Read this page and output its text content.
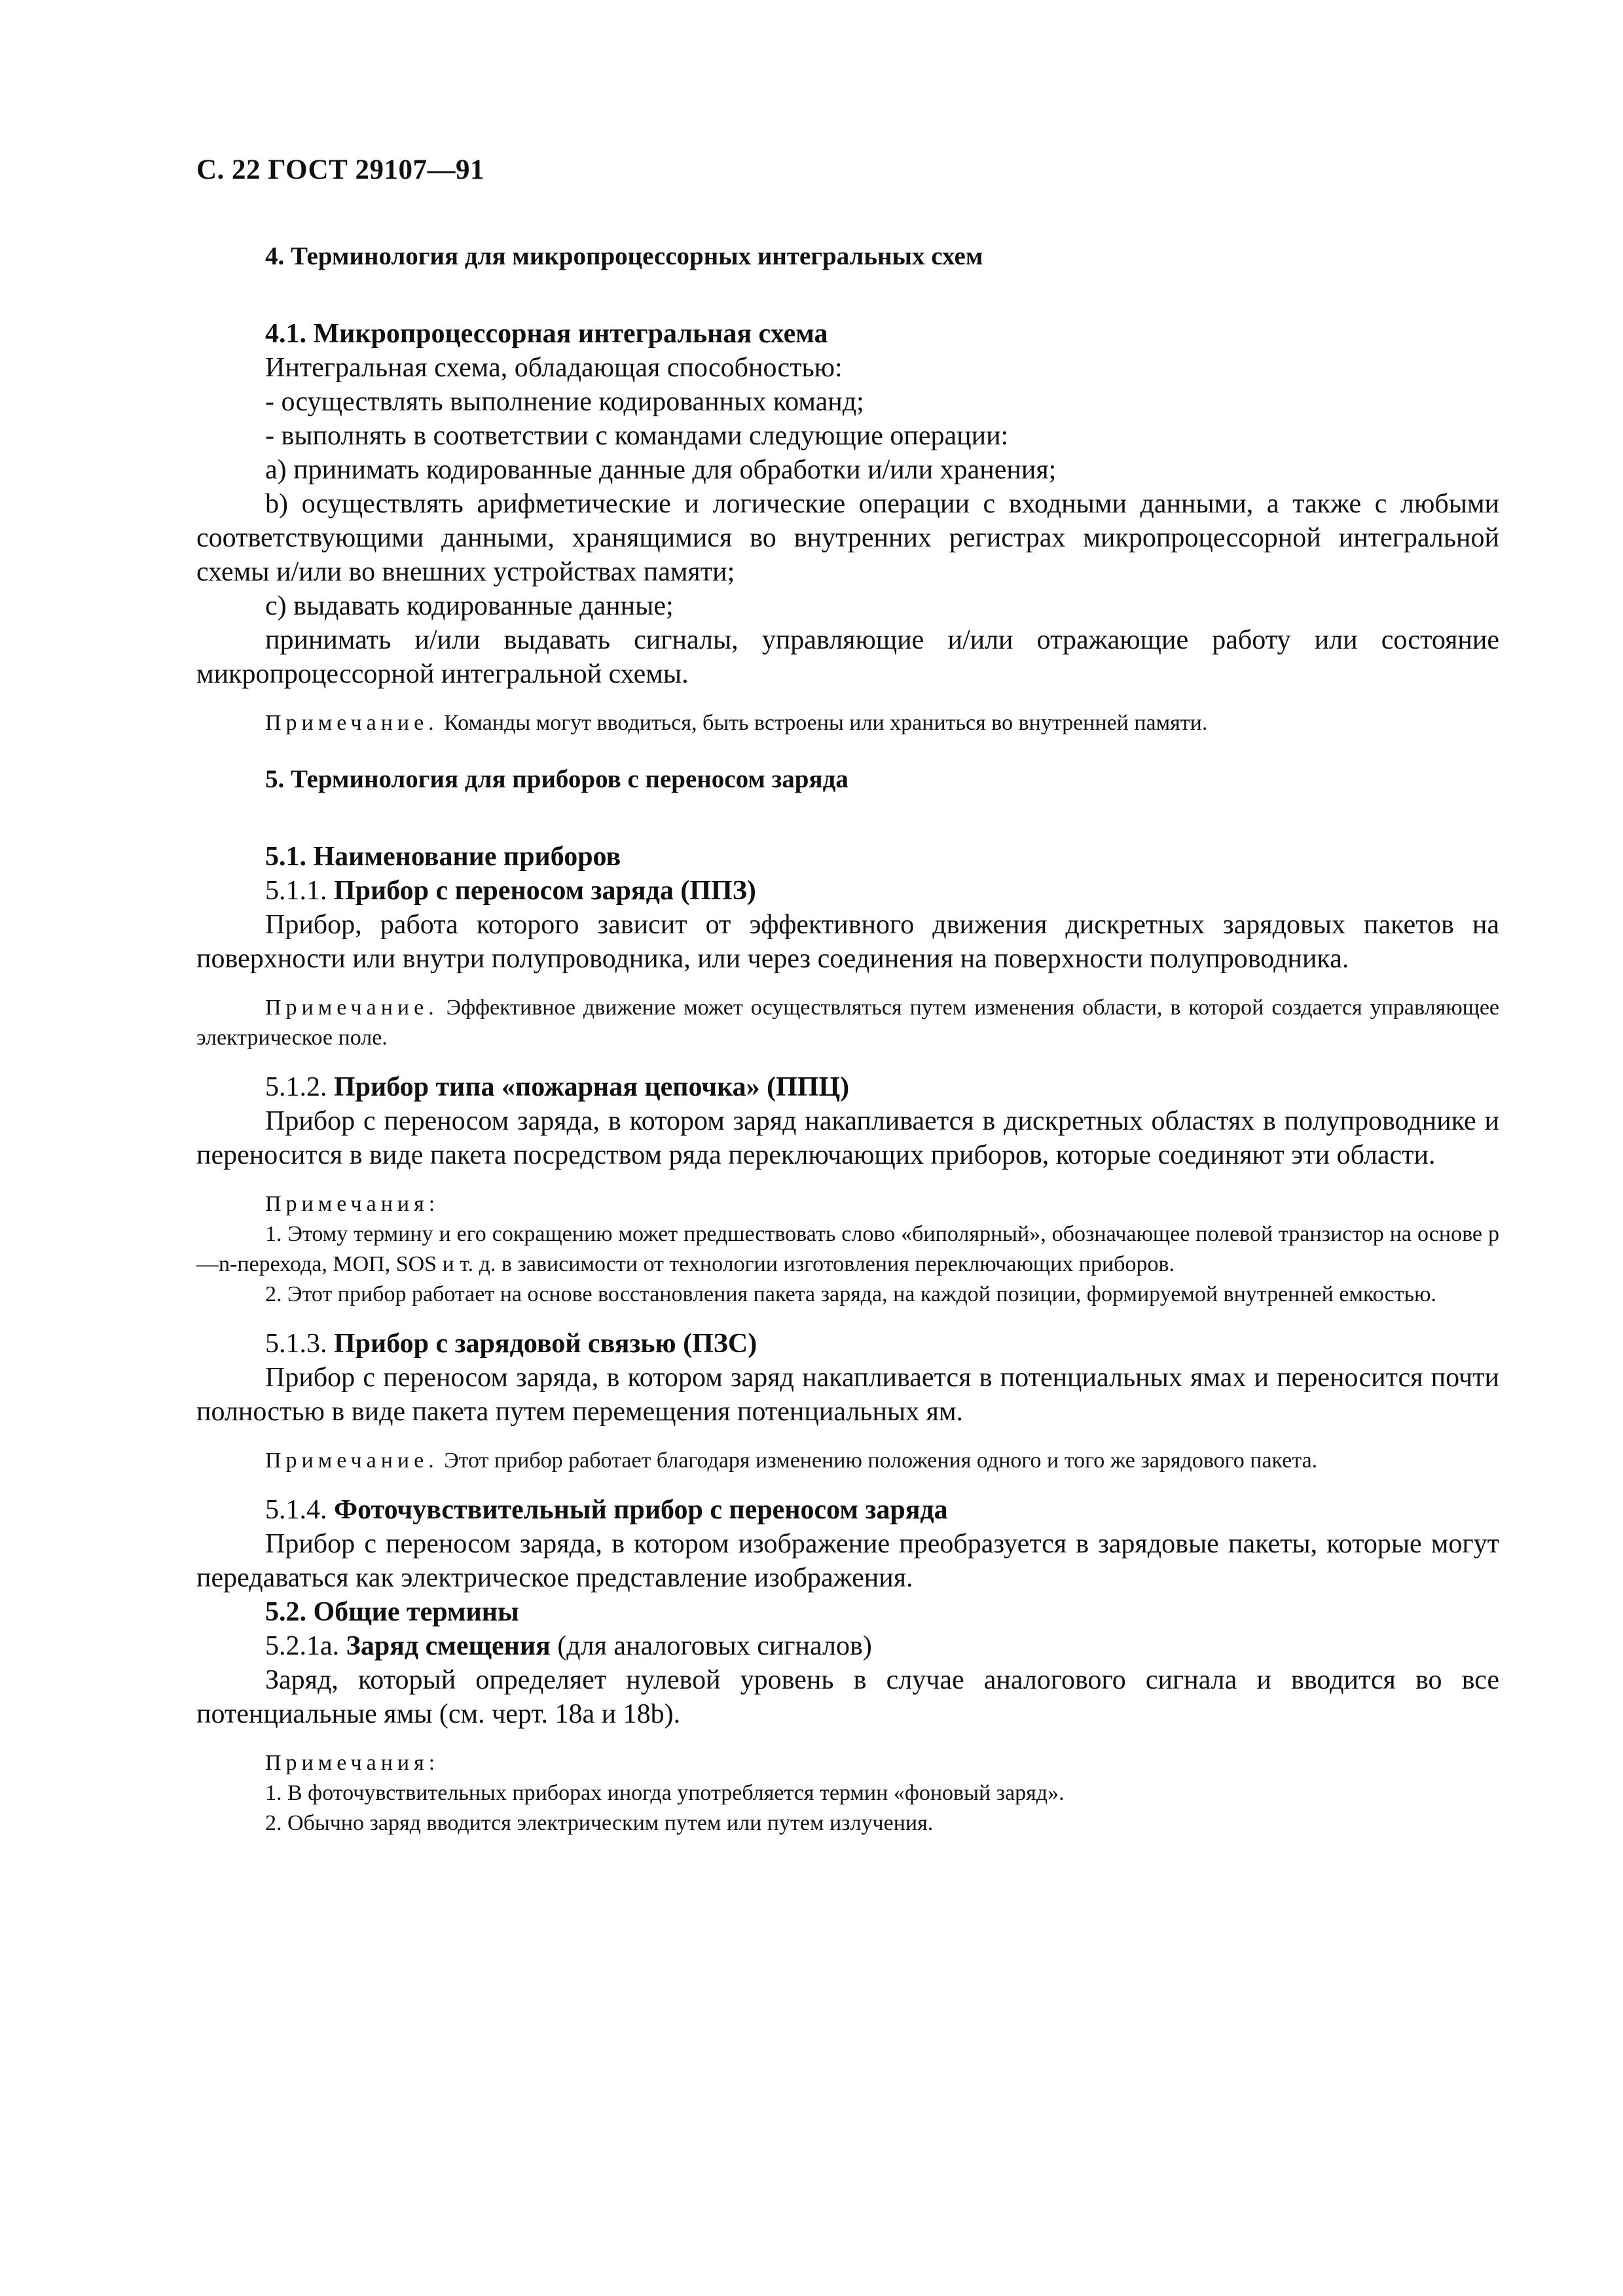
С. 22 ГОСТ 29107—91
4. Терминология для микропроцессорных интегральных схем
4.1. Микропроцессорная интегральная схема

Интегральная схема, обладающая способностью:

- осуществлять выполнение кодированных команд;

- выполнять в соответствии с командами следующие операции:

а) принимать кодированные данные для обработки и/или хранения;

b) осуществлять арифметические и логические операции с входными данными, а также с любыми соответствующими данными, хранящимися во внутренних регистрах микропроцессорной интегральной схемы и/или во внешних устройствах памяти;

с) выдавать кодированные данные;

принимать и/или выдавать сигналы, управляющие и/или отражающие работу или состояние микропроцессорной интегральной схемы.

Примечание. Команды могут вводиться, быть встроены или храниться во внутренней памяти.

5. Терминология для приборов с переносом заряда
5.1. Наименование приборов

5.1.1. Прибор с переносом заряда (ППЗ)

Прибор, работа которого зависит от эффективного движения дискретных зарядовых пакетов на поверхности или внутри полупроводника, или через соединения на поверхности полупроводника.

Примечание. Эффективное движение может осуществляться путем изменения области, в которой создается управляющее электрическое поле.

5.1.2. Прибор типа «пожарная цепочка» (ППЦ)

Прибор с переносом заряда, в котором заряд накапливается в дискретных областях в полупроводнике и переносится в виде пакета посредством ряда переключающих приборов, которые соединяют эти области.

Примечания:

1. Этому термину и его сокращению может предшествовать слово «биполярный», обозначающее полевой транзистор на основе p—n-перехода, МОП, SOS и т. д. в зависимости от технологии изготовления переключающих приборов.

2. Этот прибор работает на основе восстановления пакета заряда, на каждой позиции, формируемой внутренней емкостью.

5.1.3. Прибор с зарядовой связью (ПЗС)

Прибор с переносом заряда, в котором заряд накапливается в потенциальных ямах и переносится почти полностью в виде пакета путем перемещения потенциальных ям.

Примечание. Этот прибор работает благодаря изменению положения одного и того же зарядового пакета.

5.1.4. Фоточувствительный прибор с переносом заряда

Прибор с переносом заряда, в котором изображение преобразуется в зарядовые пакеты, которые могут передаваться как электрическое представление изображения.

5.2. Общие термины

5.2.1а. Заряд смещения (для аналоговых сигналов)

Заряд, который определяет нулевой уровень в случае аналогового сигнала и вводится во все потенциальные ямы (см. черт. 18а и 18b).

Примечания:

1. В фоточувствительных приборах иногда употребляется термин «фоновый заряд».

2. Обычно заряд вводится электрическим путем или путем излучения.
